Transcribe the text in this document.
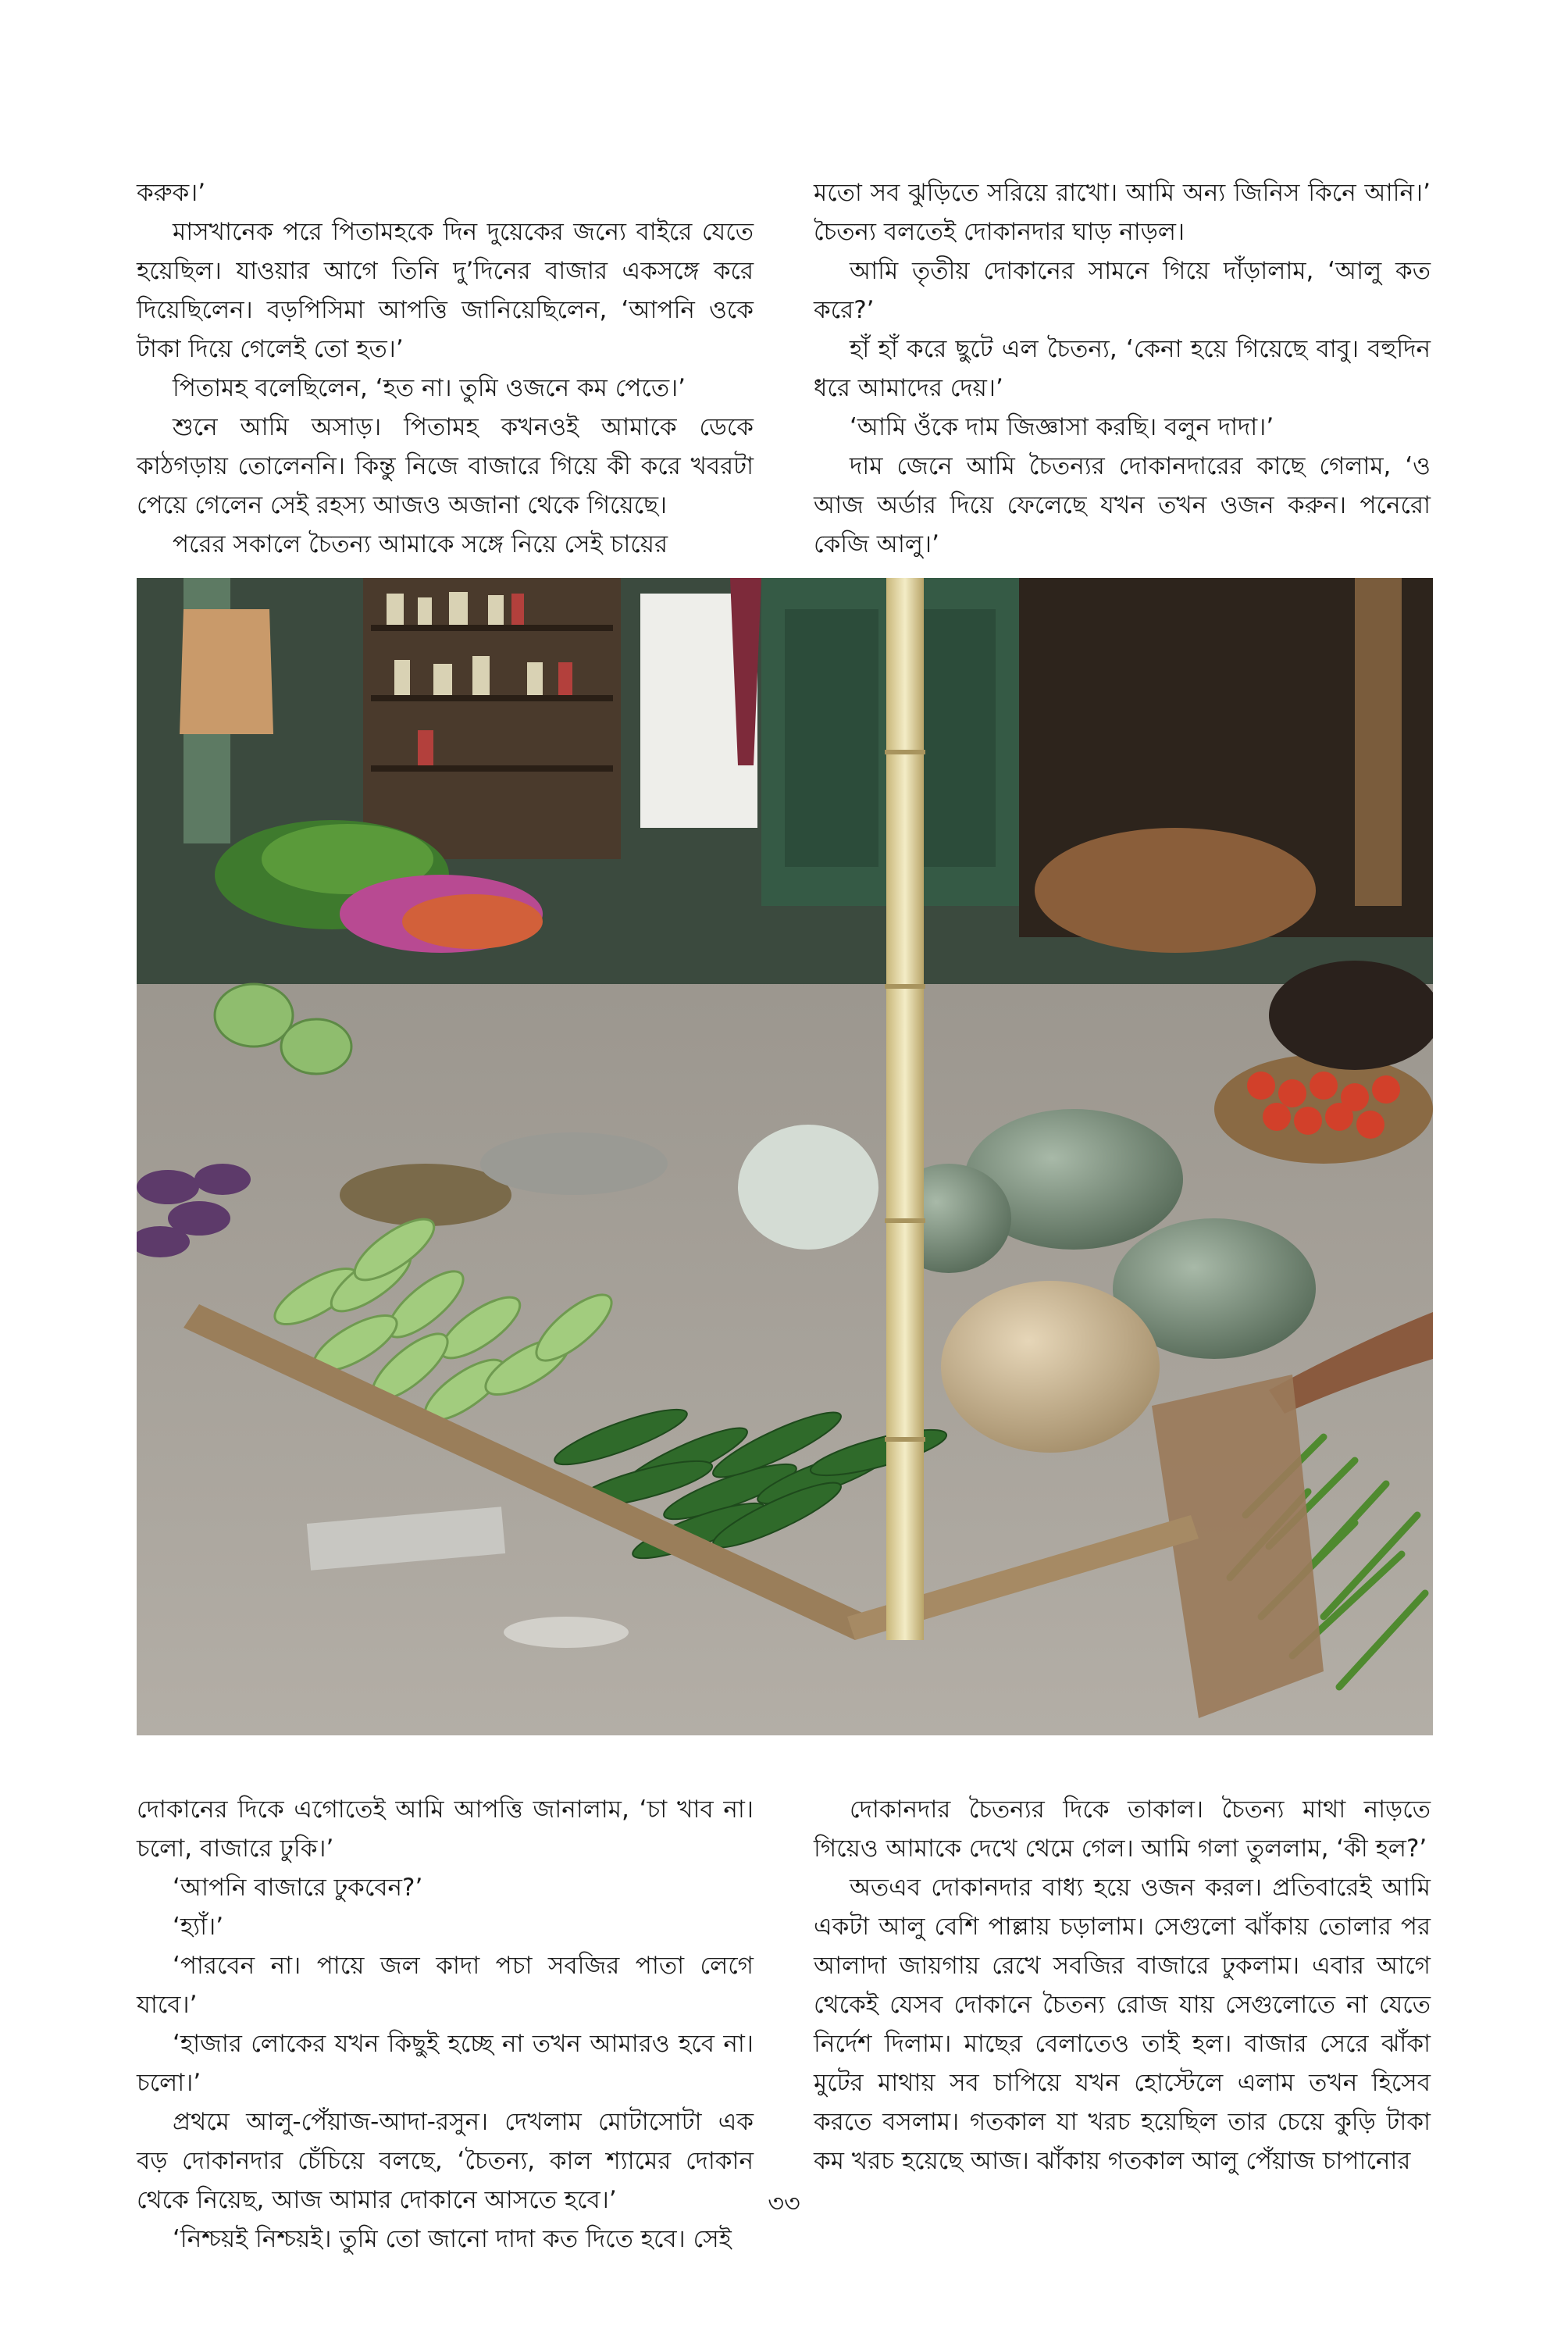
করুক।’

মাসখানেক পরে পিতামহকে দিন দুয়েকের জন্যে বাইরে যেতে হয়েছিল। যাওয়ার আগে তিনি দু’দিনের বাজার একসঙ্গে করে দিয়েছিলেন। বড়পিসিমা আপত্তি জানিয়েছিলেন, ‘আপনি ওকে টাকা দিয়ে গেলেই তো হত।’

পিতামহ বলেছিলেন, ‘হত না। তুমি ওজনে কম পেতে।’

শুনে আমি অসাড়। পিতামহ কখনওই আমাকে ডেকে কাঠগড়ায় তোলেননি। কিন্তু নিজে বাজারে গিয়ে কী করে খবরটা পেয়ে গেলেন সেই রহস্য আজও অজানা থেকে গিয়েছে।

পরের সকালে চৈতন্য আমাকে সঙ্গে নিয়ে সেই চায়ের

মতো সব ঝুড়িতে সরিয়ে রাখো। আমি অন্য জিনিস কিনে আনি।’ চৈতন্য বলতেই দোকানদার ঘাড় নাড়ল।

আমি তৃতীয় দোকানের সামনে গিয়ে দাঁড়ালাম, ‘আলু কত করে?’

হাঁ হাঁ করে ছুটে এল চৈতন্য, ‘কেনা হয়ে গিয়েছে বাবু। বহুদিন ধরে আমাদের দেয়।’

‘আমি ওঁকে দাম জিজ্ঞাসা করছি। বলুন দাদা।’

দাম জেনে আমি চৈতন্যর দোকানদারের কাছে গেলাম, ‘ও আজ অর্ডার দিয়ে ফেলেছে যখন তখন ওজন করুন। পনেরো কেজি আলু।’

দোকানের দিকে এগোতেই আমি আপত্তি জানালাম, ‘চা খাব না। চলো, বাজারে ঢুকি।’

‘আপনি বাজারে ঢুকবেন?’

‘হ্যাঁ।’

‘পারবেন না। পায়ে জল কাদা পচা সবজির পাতা লেগে যাবে।’

‘হাজার লোকের যখন কিছুই হচ্ছে না তখন আমারও হবে না। চলো।’

প্রথমে আলু-পেঁয়াজ-আদা-রসুন। দেখলাম মোটাসোটা এক বড় দোকানদার চেঁচিয়ে বলছে, ‘চৈতন্য, কাল শ্যামের দোকান থেকে নিয়েছ, আজ আমার দোকানে আসতে হবে।’

‘নিশ্চয়ই নিশ্চয়ই। তুমি তো জানো দাদা কত দিতে হবে। সেই

দোকানদার চৈতন্যর দিকে তাকাল। চৈতন্য মাথা নাড়তে গিয়েও আমাকে দেখে থেমে গেল। আমি গলা তুললাম, ‘কী হল?’

অতএব দোকানদার বাধ্য হয়ে ওজন করল। প্রতিবারেই আমি একটা আলু বেশি পাল্লায় চড়ালাম। সেগুলো ঝাঁকায় তোলার পর আলাদা জায়গায় রেখে সবজির বাজারে ঢুকলাম। এবার আগে থেকেই যেসব দোকানে চৈতন্য রোজ যায় সেগুলোতে না যেতে নির্দেশ দিলাম। মাছের বেলাতেও তাই হল। বাজার সেরে ঝাঁকা মুটের মাথায় সব চাপিয়ে যখন হোস্টেলে এলাম তখন হিসেব করতে বসলাম। গতকাল যা খরচ হয়েছিল তার চেয়ে কুড়ি টাকা কম খরচ হয়েছে আজ। ঝাঁকায় গতকাল আলু পেঁয়াজ চাপানোর

৩৩
